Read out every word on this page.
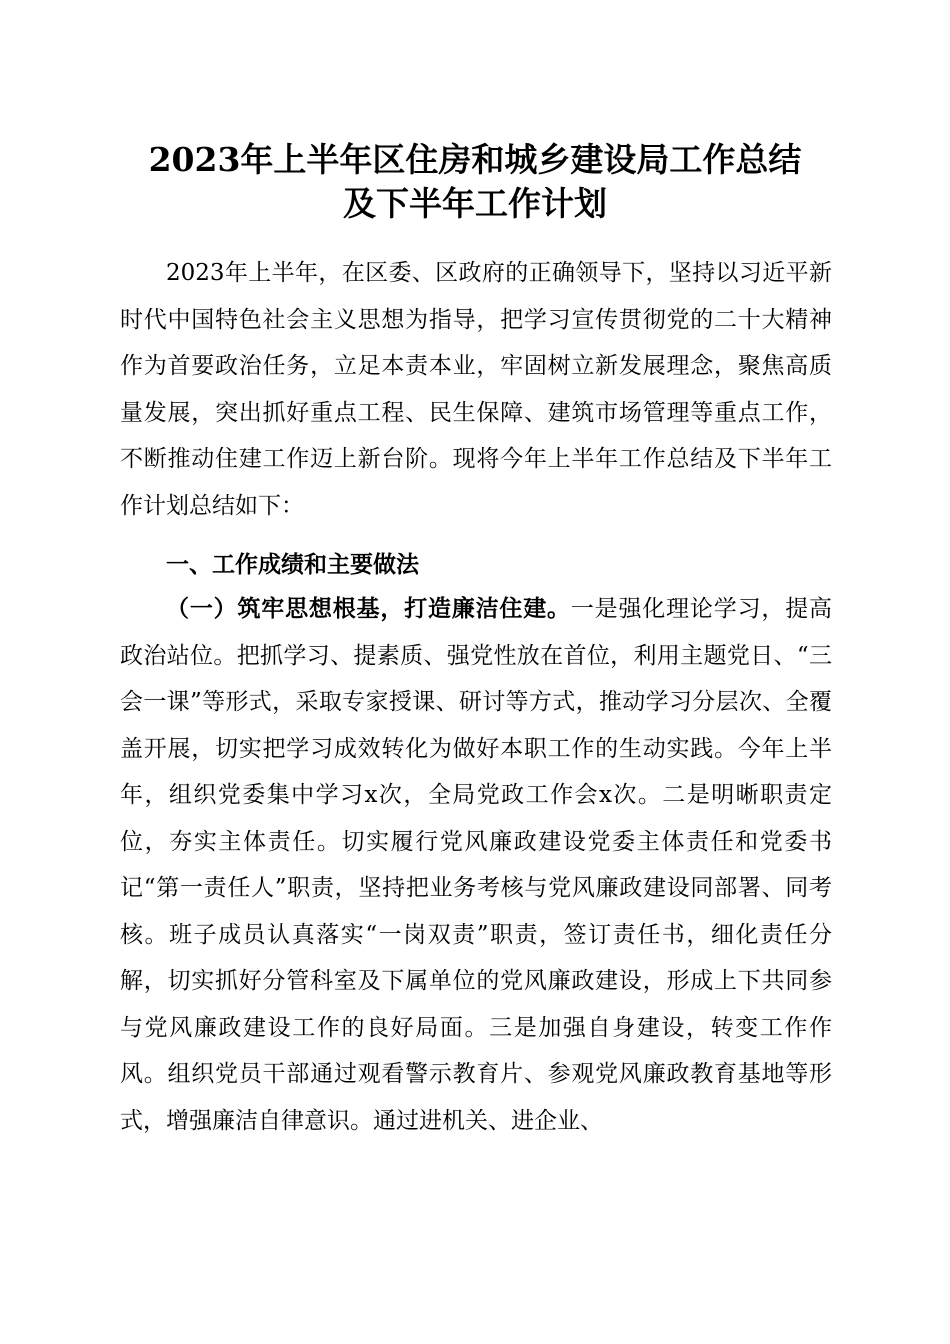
2023年上半年区住房和城乡建设局工作总结
及下半年工作计划

2023年上半年，在区委、区政府的正确领导下，坚持以习近平新时代中国特色社会主义思想为指导，把学习宣传贯彻党的二十大精神作为首要政治任务，立足本责本业，牢固树立新发展理念，聚焦高质量发展，突出抓好重点工程、民生保障、建筑市场管理等重点工作，不断推动住建工作迈上新台阶。现将今年上半年工作总结及下半年工作计划总结如下：

一、工作成绩和主要做法

（一）筑牢思想根基，打造廉洁住建。一是强化理论学习，提高政治站位。把抓学习、提素质、强党性放在首位，利用主题党日、“三会一课”等形式，采取专家授课、研讨等方式，推动学习分层次、全覆盖开展，切实把学习成效转化为做好本职工作的生动实践。今年上半年，组织党委集中学习x次，全局党政工作会x次。二是明晰职责定位，夯实主体责任。切实履行党风廉政建设党委主体责任和党委书记“第一责任人”职责，坚持把业务考核与党风廉政建设同部署、同考核。班子成员认真落实“一岗双责”职责，签订责任书，细化责任分解，切实抓好分管科室及下属单位的党风廉政建设，形成上下共同参与党风廉政建设工作的良好局面。三是加强自身建设，转变工作作风。组织党员干部通过观看警示教育片、参观党风廉政教育基地等形式，增强廉洁自律意识。通过进机关、进企业、
